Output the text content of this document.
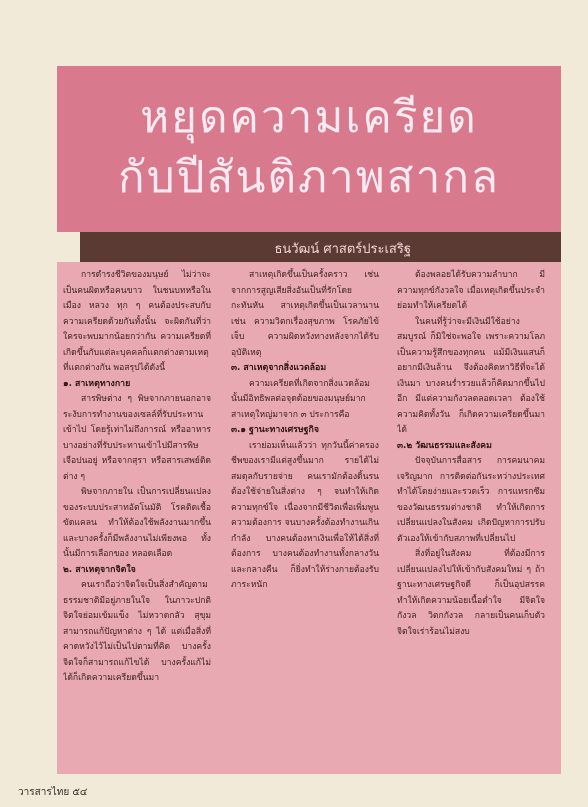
หยุดความเครียด
กับปีสันติภาพสากล
ธนวัฒน์ ศาสตร์ประเสริฐ

การดำรงชีวิตของมนุษย์ ไม่ว่าจะเป็นคนผิดหรือคนขาว ในชนบทหรือในเมือง หลวง ทุก ๆ คนต้องประสบกับความเครียดด้วยกันทั้งนั้น จะผิดกันที่ว่าใครจะพบมากน้อยกว่ากัน ความเครียดที่เกิดขึ้นกับแต่ละบุคคลก็แตกต่างตามเหตุที่แตกต่างกัน พอสรุปได้ดังนี้

๑. สาเหตุทางกาย

สารพิษต่าง ๆ พิษจากภายนอกอาจระงับการทำงานของเซลล์ที่รับประทานเข้าไป โดยรู้เท่าไม่ถึงการณ์ หรืออาหารบางอย่างที่รับประทานเข้าไปมีสารพิษเจือปนอยู่ หรือจากสุรา หรือสารเสพย์ติดต่าง ๆ

พิษจากภายใน เป็นการเปลี่ยนแปลงของระบบประสาทอัตโนมัติ โรคติดเชื้อ ขัดแคลน ทำให้ต้องใช้พลังงานมากขึ้น และบางครั้งก็มีพลังงานไม่เพียงพอ ทั้งนั้นมีการเลือกของ หลอดเลือด

๒. สาเหตุจากจิตใจ

คนเราถือว่าจิตใจเป็นสิ่งสำคัญตามธรรมชาติมีอยู่ภายในใจ ในภาวะปกติจิตใจย่อมเข้มแข็ง ไม่หวาดกลัว สุขุมสามารถแก้ปัญหาต่าง ๆ ได้ แต่เมื่อสิ่งที่คาดหวังไว้ไม่เป็นไปตามที่คิด บางครั้งจิตใจก็สามารถแก้ไขได้ บางครั้งแก้ไม่ได้ก็เกิดความเครียดขึ้นมา

สาเหตุเกิดขึ้นเป็นครั้งคราว เช่น จากการสูญเสียสิ่งอันเป็นที่รักโดยกะทันหัน สาเหตุเกิดขึ้นเป็นเวลานาน เช่น ความวิตกเรื่องสุขภาพ โรคภัยไข้เจ็บ ความผิดหวังทางหลังจากได้รับอุบัติเหตุ

๓. สาเหตุจากสิ่งแวดล้อม

ความเครียดที่เกิดจากสิ่งแวดล้อมนั้นมีอิทธิพลต่อจุดด้อยของมนุษย์มาก สาเหตุใหญ่มาจาก ๓ ประการคือ

๓.๑ ฐานะทางเศรษฐกิจ

เราย่อมเห็นแล้วว่า ทุกวันนี้ค่าครองชีพของเรามีแต่สูงขึ้นมาก รายได้ไม่สมดุลกับรายจ่าย คนเรามักต้องดิ้นรน ต้องใช้จ่ายในสิ่งต่าง ๆ จนทำให้เกิดความทุกข์ใจ เนื่องจากมีชีวิตเพื่อเพิ่มพูนความต้องการ จนบางครั้งต้องทำงานเกินกำลัง บางคนต้องหาเงินเพื่อให้ได้สิ่งที่ต้องการ บางคนต้องทำงานทั้งกลางวันและกลางคืน ก็ยิ่งทำให้ร่างกายต้องรับภาระหนัก

ต้องพลอยได้รับความลำบาก มีความทุกข์กังวลใจ เมื่อเหตุเกิดขึ้นประจำ ย่อมทำให้เครียดได้

ในคนที่รู้ว่าจะมีเงินมีใช้อย่างสมบูรณ์ ก็มิใช่จะพอใจ เพราะความโลภเป็นความรู้สึกของทุกคน แม้มีเงินแสนก็อยากมีเงินล้าน จึงต้องคิดหาวิธีที่จะได้เงินมา บางคนร่ำรวยแล้วก็คิดมากขึ้นไปอีก มีแต่ความกังวลตลอดเวลา ต้องใช้ความคิดทั้งวัน ก็เกิดความเครียดขึ้นมาได้

๓.๒ วัฒนธรรมและสังคม

ปัจจุบันการสื่อสาร การคมนาคมเจริญมาก การติดต่อกันระหว่างประเทศทำได้โดยง่ายและรวดเร็ว การแทรกซึมของวัฒนธรรมต่างชาติ ทำให้เกิดการเปลี่ยนแปลงในสังคม เกิดปัญหาการปรับตัวเองให้เข้ากับสภาพที่เปลี่ยนไป

สิ่งที่อยู่ในสังคม ที่ต้องมีการเปลี่ยนแปลงไปให้เข้ากับสังคมใหม่ ๆ ถ้าฐานะทางเศรษฐกิจดี ก็เป็นอุปสรรค ทำให้เกิดความน้อยเนื้อต่ำใจ มีจิตใจกังวล วิตกกังวล กลายเป็นคนเก็บตัว จิตใจเร่าร้อนไม่สงบ

วารสารไทย ๕๔
